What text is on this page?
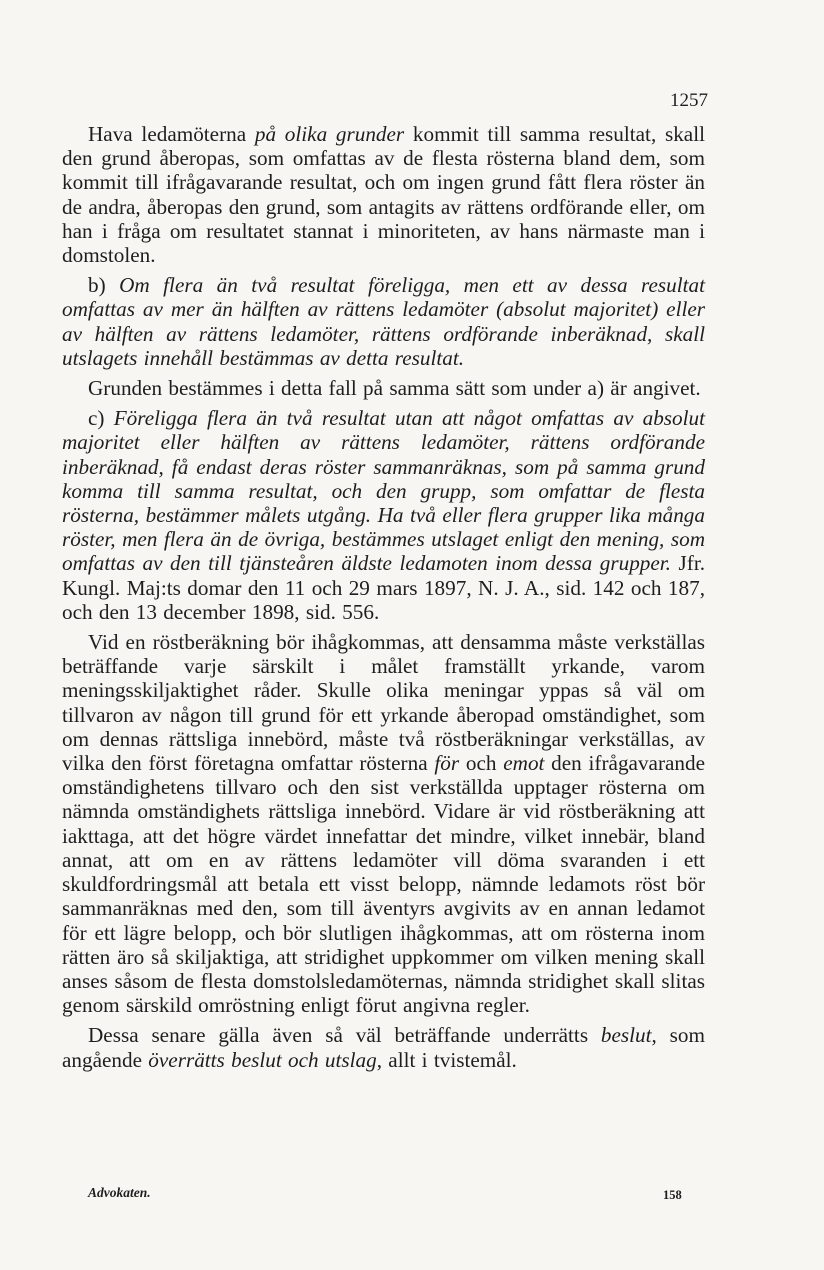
1257

Hava ledamöterna på olika grunder kommit till samma resultat, skall den grund åberopas, som omfattas av de flesta rösterna bland dem, som kommit till ifrågavarande resultat, och om ingen grund fått flera röster än de andra, åberopas den grund, som antagits av rättens ordförande eller, om han i fråga om resultatet stannat i minoriteten, av hans närmaste man i domstolen.

b) Om flera än två resultat föreligga, men ett av dessa resultat omfattas av mer än hälften av rättens ledamöter (absolut majoritet) eller av hälften av rättens ledamöter, rättens ordförande inberäknad, skall utslagets innehåll bestämmas av detta resultat.

Grunden bestämmes i detta fall på samma sätt som under a) är angivet.

c) Föreligga flera än två resultat utan att något omfattas av absolut majoritet eller hälften av rättens ledamöter, rättens ordförande inberäknad, få endast deras röster sammanräknas, som på samma grund komma till samma resultat, och den grupp, som omfattar de flesta rösterna, bestämmer målets utgång. Ha två eller flera grupper lika många röster, men flera än de övriga, bestämmes utslaget enligt den mening, som omfattas av den till tjänsteåren äldste ledamoten inom dessa grupper. Jfr. Kungl. Maj:ts domar den 11 och 29 mars 1897, N. J. A., sid. 142 och 187, och den 13 december 1898, sid. 556.

Vid en röstberäkning bör ihågkommas, att densamma måste verkställas beträffande varje särskilt i målet framställt yrkande, varom meningsskiljaktighet råder. Skulle olika meningar yppas så väl om tillvaron av någon till grund för ett yrkande åberopad omständighet, som om dennas rättsliga innebörd, måste två röstberäkningar verkställas, av vilka den först företagna omfattar rösterna för och emot den ifrågavarande omständighetens tillvaro och den sist verkställda upptager rösterna om nämnda omständighets rättsliga innebörd. Vidare är vid röstberäkning att iakttaga, att det högre värdet innefattar det mindre, vilket innebär, bland annat, att om en av rättens ledamöter vill döma svaranden i ett skuldfordringsmål att betala ett visst belopp, nämnde ledamots röst bör sammanräknas med den, som till äventyrs avgivits av en annan ledamot för ett lägre belopp, och bör slutligen ihågkommas, att om rösterna inom rätten äro så skiljaktiga, att stridighet uppkommer om vilken mening skall anses såsom de flesta domstolsledamöternas, nämnda stridighet skall slitas genom särskild omröstning enligt förut angivna regler.

Dessa senare gälla även så väl beträffande underrätts beslut, som angående överrätts beslut och utslag, allt i tvistemål.

Advokaten.	158
